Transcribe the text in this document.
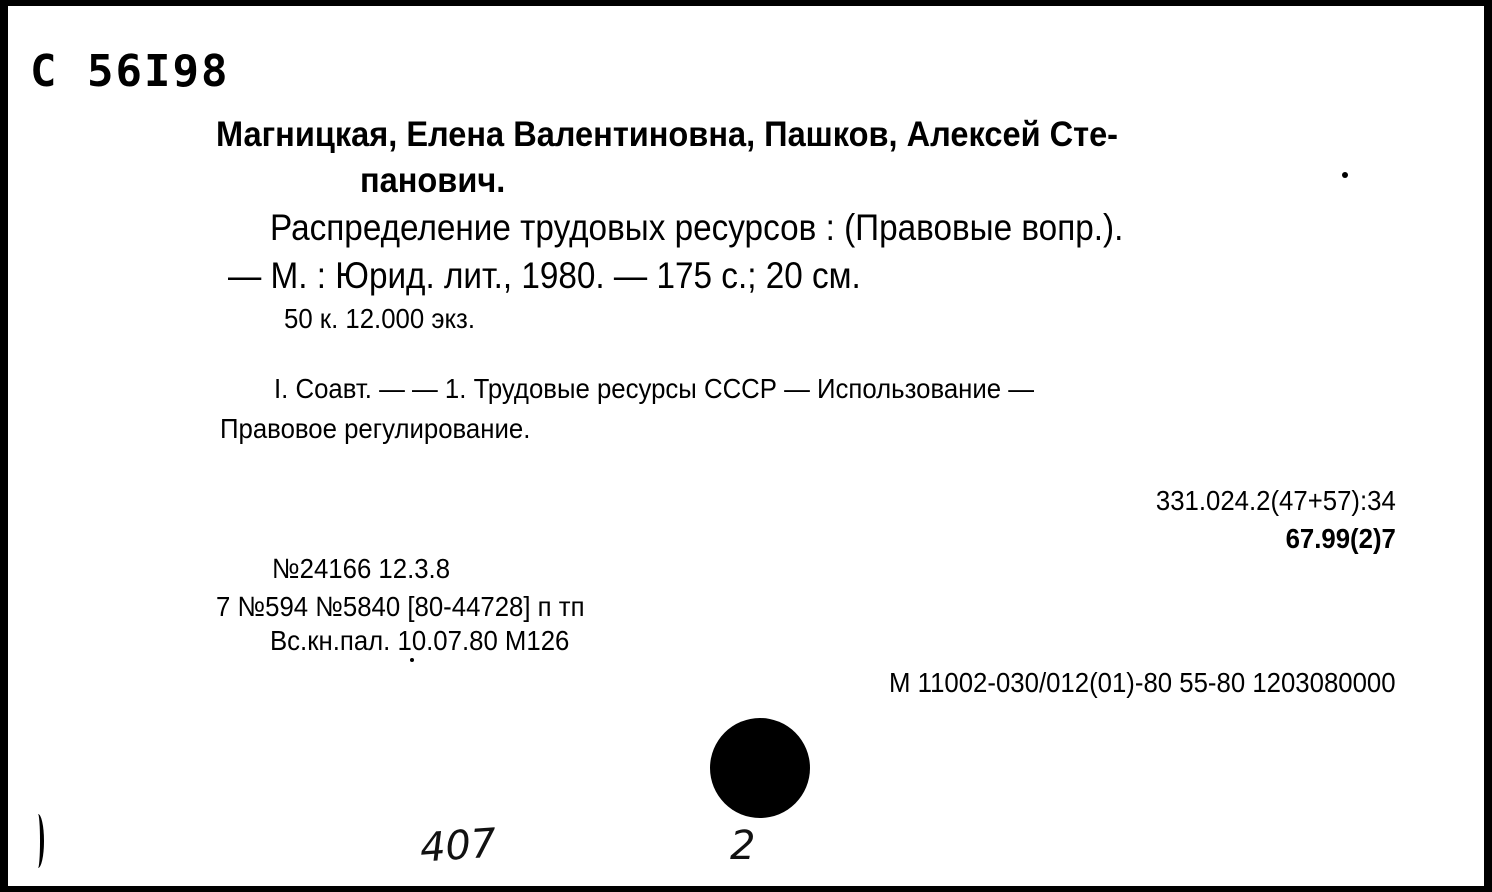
C 56I98
Магницкая, Елена Валентиновна, Пашков, Алексей Сте-
панович.
Распределение трудовых ресурсов : (Правовые вопр.).
— М. : Юрид. лит., 1980. — 175 с.; 20 см.
50 к. 12.000 экз.
I. Соавт. — — 1. Трудовые ресурсы СССР — Использование —
Правовое регулирование.
331.024.2(47+57):34
67.99(2)7
№24166 12.3.8
7 №594 №5840 [80-44728] п тп
Вс.кн.пал. 10.07.80 М126
М 11002-030/012(01)-80 55-80 1203080000
407	2
